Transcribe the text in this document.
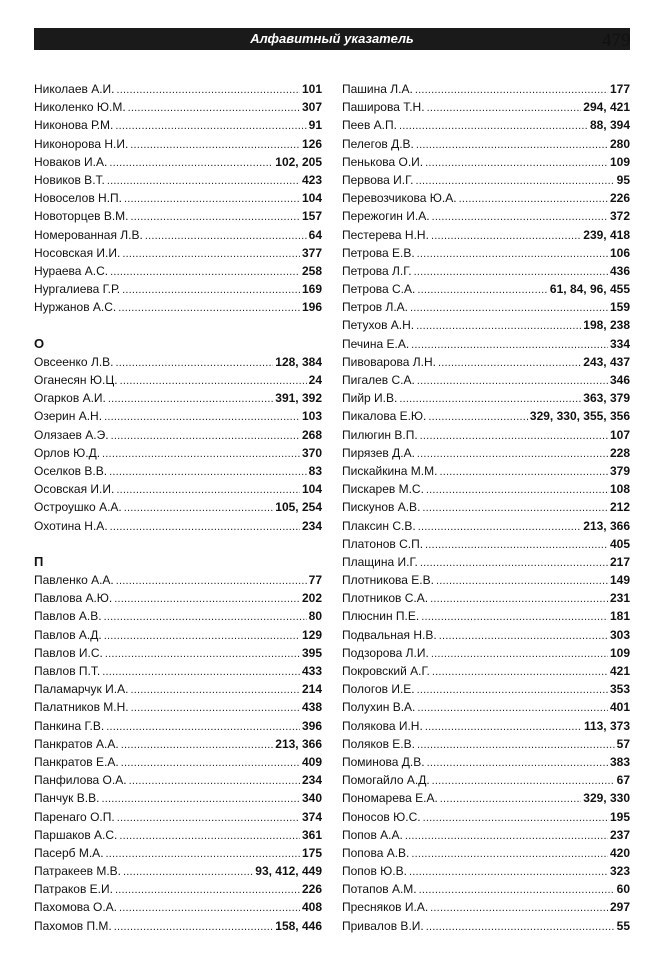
Алфавитный указатель	479
Николаев А.И. .....	101
Николенко Ю.М. .....	307
Никонова Р.М. .....	91
Никонорова Н.И. .....	126
Новаков И.А. .....	102, 205
Новиков В.Т. .....	423
Новоселов Н.П. .....	104
Новоторцев В.М. .....	157
Номерованная Л.В. .....	64
Носовская И.И. .....	377
Нураева А.С. .....	258
Нургалиева Г.Р. .....	169
Нуржанов А.С. .....	196
О
Овсеенко Л.В. .....	128, 384
Оганесян Ю.Ц. .....	24
Огарков А.И. .....	391, 392
Озерин А.Н. .....	103
Олязаев А.Э. .....	268
Орлов Ю.Д. .....	370
Оселков В.В. .....	83
Осовская И.И. .....	104
Остроушко А.А. .....	105, 254
Охотина Н.А. .....	234
П
Павленко А.А. .....	77
Павлова А.Ю. .....	202
Павлов А.В. .....	80
Павлов А.Д. .....	129
Павлов И.С. .....	395
Павлов П.Т. .....	433
Паламарчук И.А. .....	214
Палатников М.Н. .....	438
Панкина Г.В. .....	396
Панкратов А.А. .....	213, 366
Панкратов Е.А. .....	409
Панфилова О.А. .....	234
Панчук В.В. .....	340
Паренаго О.П. .....	374
Паршаков А.С. .....	361
Пасерб М.А. .....	175
Патракеев М.В. .....	93, 412, 449
Патраков Е.И. .....	226
Пахомова О.А. .....	408
Пахомов П.М. .....	158, 446
Пашина Л.А. .....	177
Паширова Т.Н. .....	294, 421
Пеев А.П. .....	88, 394
Пелегов Д.В. .....	280
Пенькова О.И. .....	109
Первова И.Г. .....	95
Перевозчикова Ю.А. .....	226
Пережогин И.А. .....	372
Пестерева Н.Н. .....	239, 418
Петрова Е.В. .....	106
Петрова Л.Г. .....	436
Петрова С.А. .....	61, 84, 96, 455
Петров Л.А. .....	159
Петухов А.Н. .....	198, 238
Печина Е.А. .....	334
Пивоварова Л.Н. .....	243, 437
Пигалев С.А. .....	346
Пийр И.В. .....	363, 379
Пикалова Е.Ю. .....	329, 330, 355, 356
Пилюгин В.П. .....	107
Пирязев Д.А. .....	228
Пискайкина М.М. .....	379
Пискарев М.С. .....	108
Пискунов А.В. .....	212
Плаксин С.В. .....	213, 366
Платонов С.П. .....	405
Плащина И.Г. .....	217
Плотникова Е.В. .....	149
Плотников С.А. .....	231
Плюснин П.Е. .....	181
Подвальная Н.В. .....	303
Подзорова Л.И. .....	109
Покровский А.Г. .....	421
Пологов И.Е. .....	353
Полухин В.А. .....	401
Полякова И.Н. .....	113, 373
Поляков Е.В. .....	57
Поминова Д.В. .....	383
Помогайло А.Д. .....	67
Пономарева Е.А. .....	329, 330
Поносов Ю.С. .....	195
Попов А.А. .....	237
Попова А.В. .....	420
Попов Ю.В. .....	323
Потапов А.М. .....	60
Пресняков И.А. .....	297
Привалов В.И. .....	55
